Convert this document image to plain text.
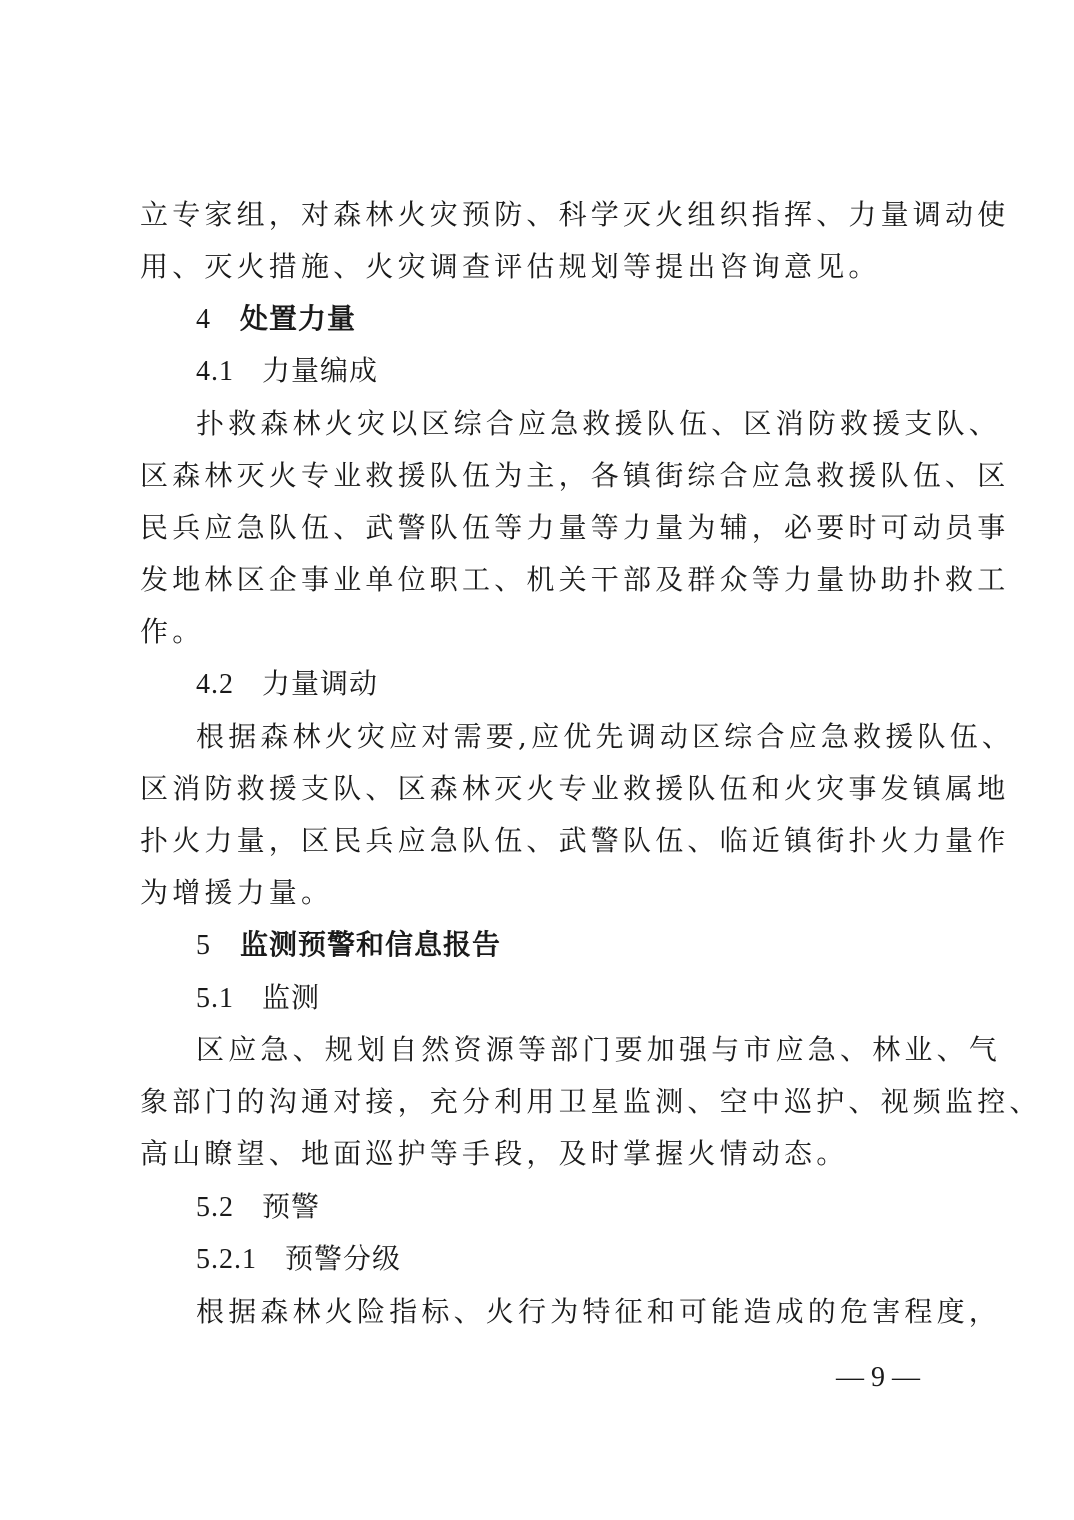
立专家组，对森林火灾预防、科学灭火组织指挥、力量调动使
用、灭火措施、火灾调查评估规划等提出咨询意见。
4 处置力量
4.1 力量编成
扑救森林火灾以区综合应急救援队伍、区消防救援支队、
区森林灭火专业救援队伍为主，各镇街综合应急救援队伍、区
民兵应急队伍、武警队伍等力量等力量为辅，必要时可动员事
发地林区企事业单位职工、机关干部及群众等力量协助扑救工
作。
4.2 力量调动
根据森林火灾应对需要,应优先调动区综合应急救援队伍、
区消防救援支队、区森林灭火专业救援队伍和火灾事发镇属地
扑火力量，区民兵应急队伍、武警队伍、临近镇街扑火力量作
为增援力量。
5 监测预警和信息报告
5.1 监测
区应急、规划自然资源等部门要加强与市应急、林业、气
象部门的沟通对接，充分利用卫星监测、空中巡护、视频监控、
高山瞭望、地面巡护等手段，及时掌握火情动态。
5.2 预警
5.2.1 预警分级
根据森林火险指标、火行为特征和可能造成的危害程度，
— 9 —
